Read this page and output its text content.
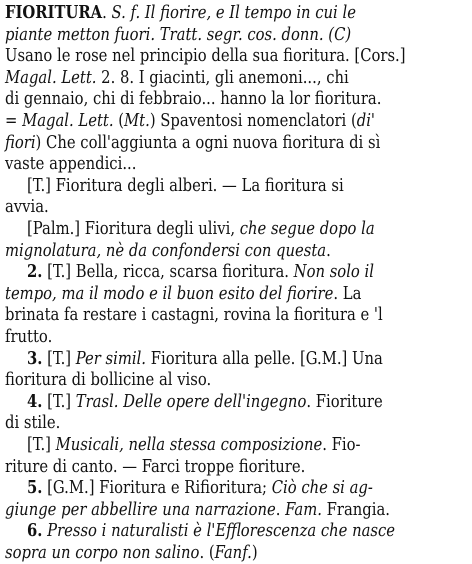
FIORITURA. S. f. Il fiorire, e Il tempo in cui le
piante metton fuori. Tratt. segr. cos. donn. (C)
Usano le rose nel principio della sua fioritura. [Cors.]
Magal. Lett. 2. 8. I giacinti, gli anemoni..., chi
di gennaio, chi di febbraio... hanno la lor fioritura.
= Magal. Lett. (Mt.) Spaventosi nomenclatori (di'
fiori) Che coll'aggiunta a ogni nuova fioritura di sì
vaste appendici...
[T.] Fioritura degli alberi. — La fioritura si
avvia.
[Palm.] Fioritura degli ulivi, che segue dopo la
mignolatura, nè da confondersi con questa.
2. [T.] Bella, ricca, scarsa fioritura. Non solo il
tempo, ma il modo e il buon esito del fiorire. La
brinata fa restare i castagni, rovina la fioritura e 'l
frutto.
3. [T.] Per simil. Fioritura alla pelle. [G.M.] Una
fioritura di bollicine al viso.
4. [T.] Trasl. Delle opere dell'ingegno. Fioriture
di stile.
[T.] Musicali, nella stessa composizione. Fio-
riture di canto. — Farci troppe fioriture.
5. [G.M.] Fioritura e Rifioritura; Ciò che si ag-
giunge per abbellire una narrazione. Fam. Frangia.
6. Presso i naturalisti è l'Efflorescenza che nasce
sopra un corpo non salino. (Fanf.)
